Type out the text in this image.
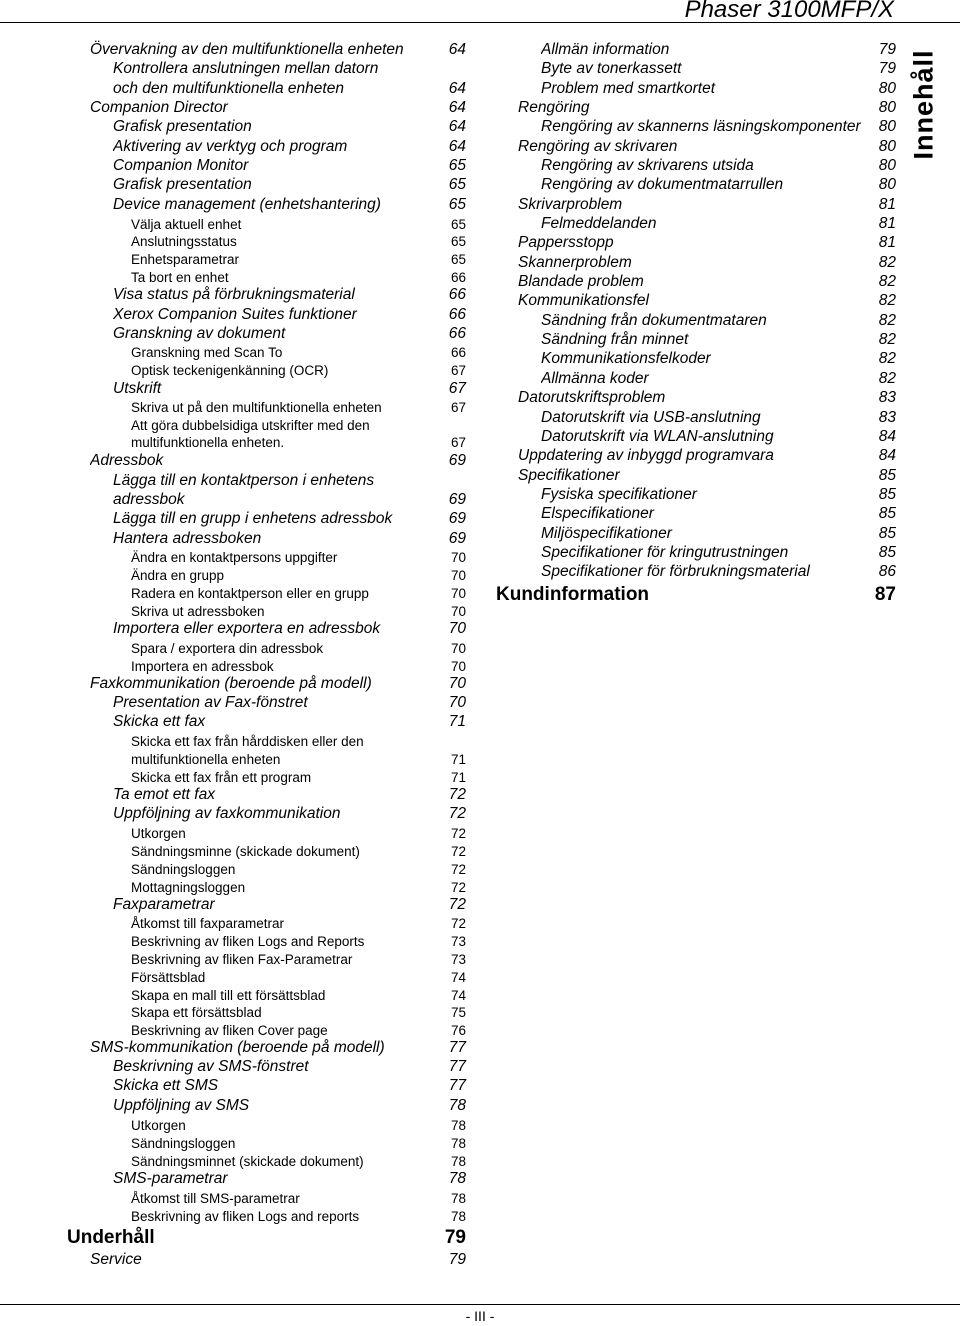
Phaser 3100MFP/X
Innehåll
Övervakning av den multifunktionella enheten	64
Kontrollera anslutningen mellan datorn
och den multifunktionella enheten	64
Companion Director	64
Grafisk presentation	64
Aktivering av verktyg och program	64
Companion Monitor	65
Grafisk presentation	65
Device management (enhetshantering)	65
Välja aktuell enhet	65
Anslutningsstatus	65
Enhetsparametrar	65
Ta bort en enhet	66
Visa status på förbrukningsmaterial	66
Xerox Companion Suites funktioner	66
Granskning av dokument	66
Granskning med Scan To	66
Optisk teckenigenkänning (OCR)	67
Utskrift	67
Skriva ut på den multifunktionella enheten	67
Att göra dubbelsidiga utskrifter med den
multifunktionella enheten.	67
Adressbok	69
Lägga till en kontaktperson i enhetens
adressbok	69
Lägga till en grupp i enhetens adressbok	69
Hantera adressboken	69
Ändra en kontaktpersons uppgifter	70
Ändra en grupp	70
Radera en kontaktperson eller en grupp	70
Skriva ut adressboken	70
Importera eller exportera en adressbok	70
Spara / exportera din adressbok	70
Importera en adressbok	70
Faxkommunikation (beroende på modell)	70
Presentation av Fax-fönstret	70
Skicka ett fax	71
Skicka ett fax från hårddisken eller den
multifunktionella enheten	71
Skicka ett fax från ett program	71
Ta emot ett fax	72
Uppföljning av faxkommunikation	72
Utkorgen	72
Sändningsminne (skickade dokument)	72
Sändningsloggen	72
Mottagningsloggen	72
Faxparametrar	72
Åtkomst till faxparametrar	72
Beskrivning av fliken Logs and Reports	73
Beskrivning av fliken Fax-Parametrar	73
Försättsblad	74
Skapa en mall till ett försättsblad	74
Skapa ett försättsblad	75
Beskrivning av fliken Cover page	76
SMS-kommunikation (beroende på modell)	77
Beskrivning av SMS-fönstret	77
Skicka ett SMS	77
Uppföljning av SMS	78
Utkorgen	78
Sändningsloggen	78
Sändningsminnet (skickade dokument)	78
SMS-parametrar	78
Åtkomst till SMS-parametrar	78
Beskrivning av fliken Logs and reports	78
Underhåll	79
Service	79
Allmän information	79
Byte av tonerkassett	79
Problem med smartkortet	80
Rengöring	80
Rengöring av skannerns läsningskomponenter	80
Rengöring av skrivaren	80
Rengöring av skrivarens utsida	80
Rengöring av dokumentmatarrullen	80
Skrivarproblem	81
Felmeddelanden	81
Pappersstopp	81
Skannerproblem	82
Blandade problem	82
Kommunikationsfel	82
Sändning från dokumentmataren	82
Sändning från minnet	82
Kommunikationsfelkoder	82
Allmänna koder	82
Datorutskriftsproblem	83
Datorutskrift via USB-anslutning	83
Datorutskrift via WLAN-anslutning	84
Uppdatering av inbyggd programvara	84
Specifikationer	85
Fysiska specifikationer	85
Elspecifikationer	85
Miljöspecifikationer	85
Specifikationer för kringutrustningen	85
Specifikationer för förbrukningsmaterial	86
Kundinformation	87
- III -
